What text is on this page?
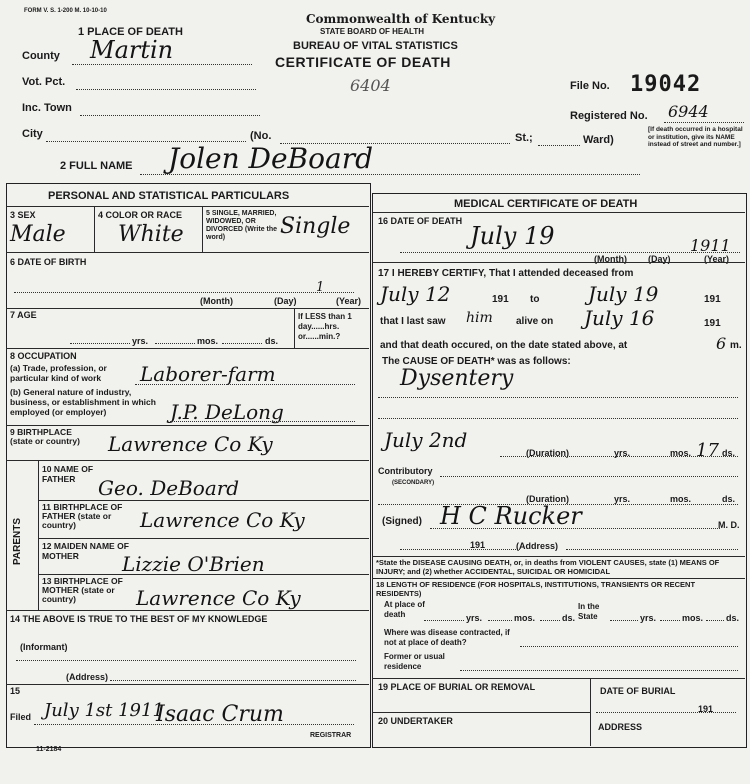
FORM V. S. 1-200 M. 10-10-10
Commonwealth of Kentucky
STATE BOARD OF HEALTH
BUREAU OF VITAL STATISTICS
CERTIFICATE OF DEATH
1 PLACE OF DEATH
County Martin
6404
Vot. Pct.
Inc. Town
City	(No.	St.;	Ward)
[If death occurred in a hospital or institution, give its NAME instead of street and number.]
File No. 19042
Registered No. 6944
2 FULL NAME Jolen DeBoard
PERSONAL AND STATISTICAL PARTICULARS
3 SEX
Male
4 COLOR OR RACE
White
5 SINGLE, MARRIED, WIDOWED, OR DIVORCED (Write the word)	Single
6 DATE OF BIRTH
(Month)	(Day)
1
(Year)
7 AGE
yrs.	mos.	ds.
If LESS than 1 day......hrs. or......min.?
8 OCCUPATION
(a) Trade, profession, or particular kind of work	Laborer-farm
(b) General nature of industry, business, or establishment in which employed (or employer)	J.P. DeLong
9 BIRTHPLACE (state or country)	Lawrence Co Ky
PARENTS
10 NAME OF FATHER	Geo. DeBoard
11 BIRTHPLACE OF FATHER (state or country)	Lawrence Co Ky
12 MAIDEN NAME OF MOTHER	Lizzie O'Brien
13 BIRTHPLACE OF MOTHER (state or country)	Lawrence Co Ky
14 THE ABOVE IS TRUE TO THE BEST OF MY KNOWLEDGE
(Informant)
(Address)
15
Filed July 1st 1911
Isaac Crum
REGISTRAR
11-2184
MEDICAL CERTIFICATE OF DEATH
16 DATE OF DEATH
July 19
(Month) (Day)
1911
(Year)
17 I HEREBY CERTIFY, That I attended deceased from
July 12	191 to July 19	191
that I last saw him alive on July 16	191
and that death occured, on the date stated above, at	6 m.
The CAUSE OF DEATH* was as follows:
Dysentery
July 2nd
(Duration)	yrs.	mos. 17 ds.
Contributory
(SECONDARY)
(Duration)	yrs.	mos.	ds.
(Signed) H C Rucker	M. D.
191	(Address)
*State the DISEASE CAUSING DEATH, or, in deaths from VIOLENT CAUSES, state (1) MEANS OF INJURY; and (2) whether ACCIDENTAL, SUICIDAL OR HOMICIDAL
18 LENGTH OF RESIDENCE (FOR HOSPITALS, INSTITUTIONS, TRANSIENTS OR RECENT RESIDENTS)
At place of death	yrs.	mos.	ds.
In the State	yrs.	mos.	ds.
Where was disease contracted, if not at place of death?
Former or usual residence
19 PLACE OF BURIAL OR REMOVAL	DATE OF BURIAL
191
20 UNDERTAKER
ADDRESS
